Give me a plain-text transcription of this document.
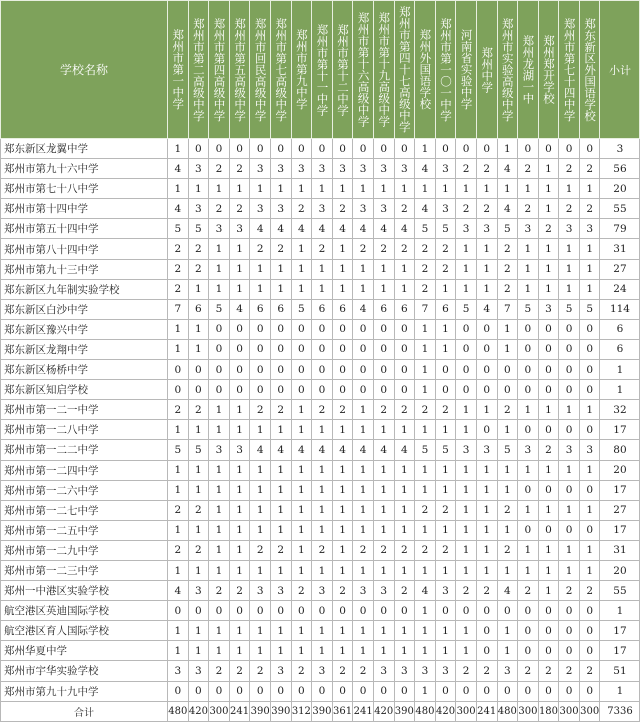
学校名称	郑州市第一中学	郑州市第二高级中学	郑州市第四高级中学	郑州市第五高级中学	郑州市回民高级中学	郑州市第七高级中学	郑州市第九中学	郑州市第十一中学	郑州市第十二中学	郑州市第十六高级中学	郑州市第十九高级中学	郑州市第四十七高级中学	郑州外国语学校	郑州市第一〇一中学	河南省实验中学	郑州中学	郑州市实验高级中学	郑州龙湖一中	郑州郑开学校	郑州市第七十四中学	郑东新区外国语学校	小计
郑东新区龙翼中学	1	0	0	0	0	0	0	0	0	0	0	0	1	0	0	0	1	0	0	0	0	3
郑州市第九十六中学	4	3	2	2	3	3	3	3	3	3	3	3	4	3	2	2	4	2	1	2	2	56
郑州市第七十八中学	1	1	1	1	1	1	1	1	1	1	1	1	1	1	1	1	1	1	1	1	1	20
郑州市第十四中学	4	3	2	2	3	3	2	3	2	3	3	2	4	3	2	2	4	2	1	2	2	55
郑州市第五十四中学	5	5	3	3	4	4	4	4	4	4	4	4	5	5	3	3	5	3	2	3	3	79
郑州市第八十四中学	2	2	1	1	2	2	1	2	1	2	2	2	2	2	1	1	2	1	1	1	1	31
郑州市第九十三中学	2	2	1	1	1	1	1	1	1	1	1	1	2	2	1	1	2	1	1	1	1	27
郑东新区九年制实验学校	2	1	1	1	1	1	1	1	1	1	1	1	2	1	1	1	2	1	1	1	1	24
郑东新区白沙中学	7	6	5	4	6	6	5	6	6	4	6	6	7	6	5	4	7	5	3	5	5	114
郑东新区豫兴中学	1	1	0	0	0	0	0	0	0	0	0	0	1	1	0	0	1	0	0	0	0	6
郑东新区龙翔中学	1	1	0	0	0	0	0	0	0	0	0	0	1	1	0	0	1	0	0	0	0	6
郑东新区杨桥中学	0	0	0	0	0	0	0	0	0	0	0	0	1	0	0	0	0	0	0	0	0	1
郑东新区知启学校	0	0	0	0	0	0	0	0	0	0	0	0	1	0	0	0	0	0	0	0	0	1
郑州市第一二一中学	2	2	1	1	2	2	1	2	2	1	2	2	2	2	1	1	2	1	1	1	1	32
郑州市第一二八中学	1	1	1	1	1	1	1	1	1	1	1	1	1	1	1	0	1	0	0	0	0	17
郑州市第一二二中学	5	5	3	3	4	4	4	4	4	4	4	4	5	5	3	3	5	3	2	3	3	80
郑州市第一二四中学	1	1	1	1	1	1	1	1	1	1	1	1	1	1	1	1	1	1	1	1	1	20
郑州市第一二六中学	1	1	1	1	1	1	1	1	1	1	1	1	1	1	1	1	1	0	0	0	0	17
郑州市第一二七中学	2	2	1	1	1	1	1	1	1	1	1	1	2	2	1	1	2	1	1	1	1	27
郑州市第一二五中学	1	1	1	1	1	1	1	1	1	1	1	1	1	1	1	1	1	0	0	0	0	17
郑州市第一二九中学	2	2	1	1	2	2	1	2	1	2	2	2	2	2	1	1	2	1	1	1	1	31
郑州市第一二三中学	1	1	1	1	1	1	1	1	1	1	1	1	1	1	1	1	1	1	1	1	1	20
郑州一中港区实验学校	4	3	2	2	3	3	2	3	2	3	3	2	4	3	2	2	4	2	1	2	2	55
航空港区英迪国际学校	0	0	0	0	0	0	0	0	0	0	0	0	1	0	0	0	0	0	0	0	0	1
航空港区育人国际学校	1	1	1	1	1	1	1	1	1	1	1	1	1	1	1	0	1	0	0	0	0	17
郑州华夏中学	1	1	1	1	1	1	1	1	1	1	1	1	1	1	1	0	1	0	0	0	0	17
郑州市宇华实验学校	3	3	2	2	2	3	2	3	2	2	3	3	3	3	2	2	3	2	2	2	2	51
郑州市第九十九中学	0	0	0	0	0	0	0	0	0	0	0	0	1	0	0	0	0	0	0	0	0	1
合计	480	420	300	241	390	390	312	390	361	241	420	390	480	420	300	241	480	300	180	300	300	7336
